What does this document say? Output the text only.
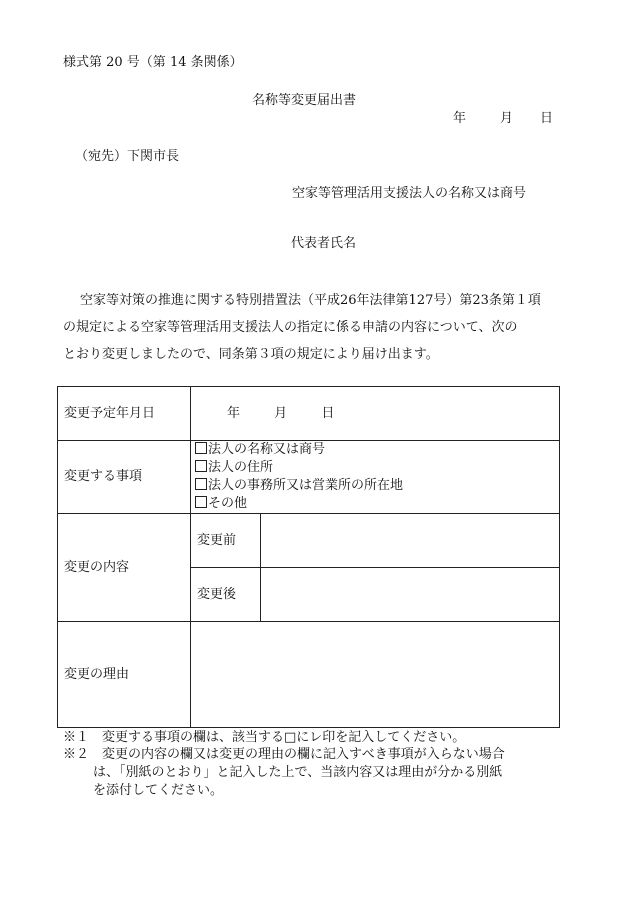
様式第 20 号（第 14 条関係）
名称等変更届出書
年	月 日
（宛先）下関市長
空家等管理活用支援法人の名称又は商号
代表者氏名
空家等対策の推進に関する特別措置法（平成26年法律第127号）第23条第１項
の規定による空家等管理活用支援法人の指定に係る申請の内容について、次の
とおり変更しましたので、同条第３項の規定により届け出ます。
変更予定年月日	年 月 日	
変更する事項	法人の名称又は商号
法人の住所
法人の事務所又は営業所の所在地
その他	

変更の内容	変更前	
	変更後	
変更の理由		
※１　変更する事項の欄は、該当する□にレ印を記入してください。
※２　変更の内容の欄又は変更の理由の欄に記入すべき事項が入らない場合
は、「別紙のとおり」と記入した上で、当該内容又は理由が分かる別紙
を添付してください。
